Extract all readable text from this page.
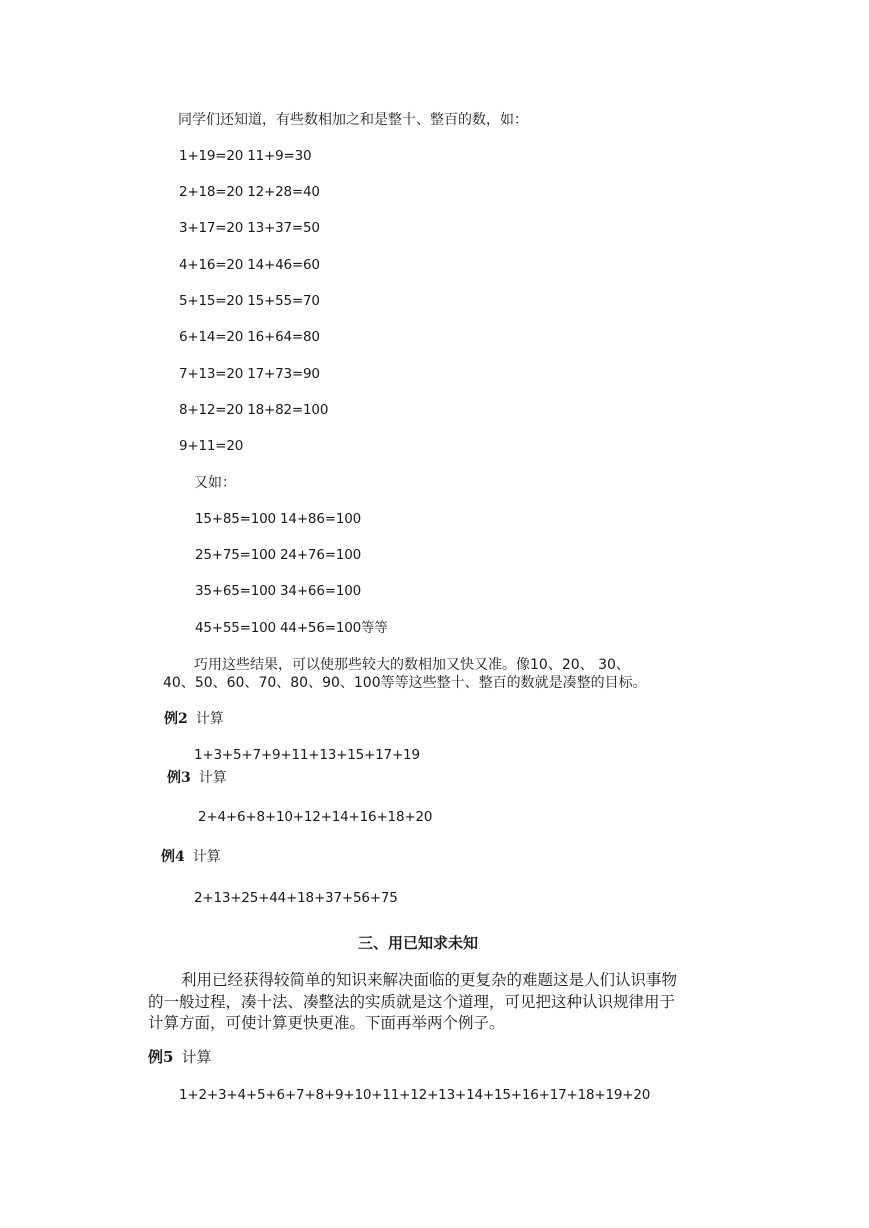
同学们还知道，有些数相加之和是整十、整百的数，如：
1+19=20 11+9=30
2+18=20 12+28=40
3+17=20 13+37=50
4+16=20 14+46=60
5+15=20 15+55=70
6+14=20 16+64=80
7+13=20 17+73=90
8+12=20 18+82=100
9+11=20
又如：
15+85=100 14+86=100
25+75=100 24+76=100
35+65=100 34+66=100
45+55=100 44+56=100等等
巧用这些结果，可以使那些较大的数相加又快又准。像10、20、 30、
40、50、60、70、80、90、100等等这些整十、整百的数就是凑整的目标。
例2 计算
1+3+5+7+9+11+13+15+17+19
例3 计算
2+4+6+8+10+12+14+16+18+20
例4 计算
2+13+25+44+18+37+56+75
三、用已知求未知
利用已经获得较简单的知识来解决面临的更复杂的难题这是人们认识事物
的一般过程，凑十法、凑整法的实质就是这个道理，可见把这种认识规律用于
计算方面，可使计算更快更准。下面再举两个例子。
例5 计算
1+2+3+4+5+6+7+8+9+10+11+12+13+14+15+16+17+18+19+20
